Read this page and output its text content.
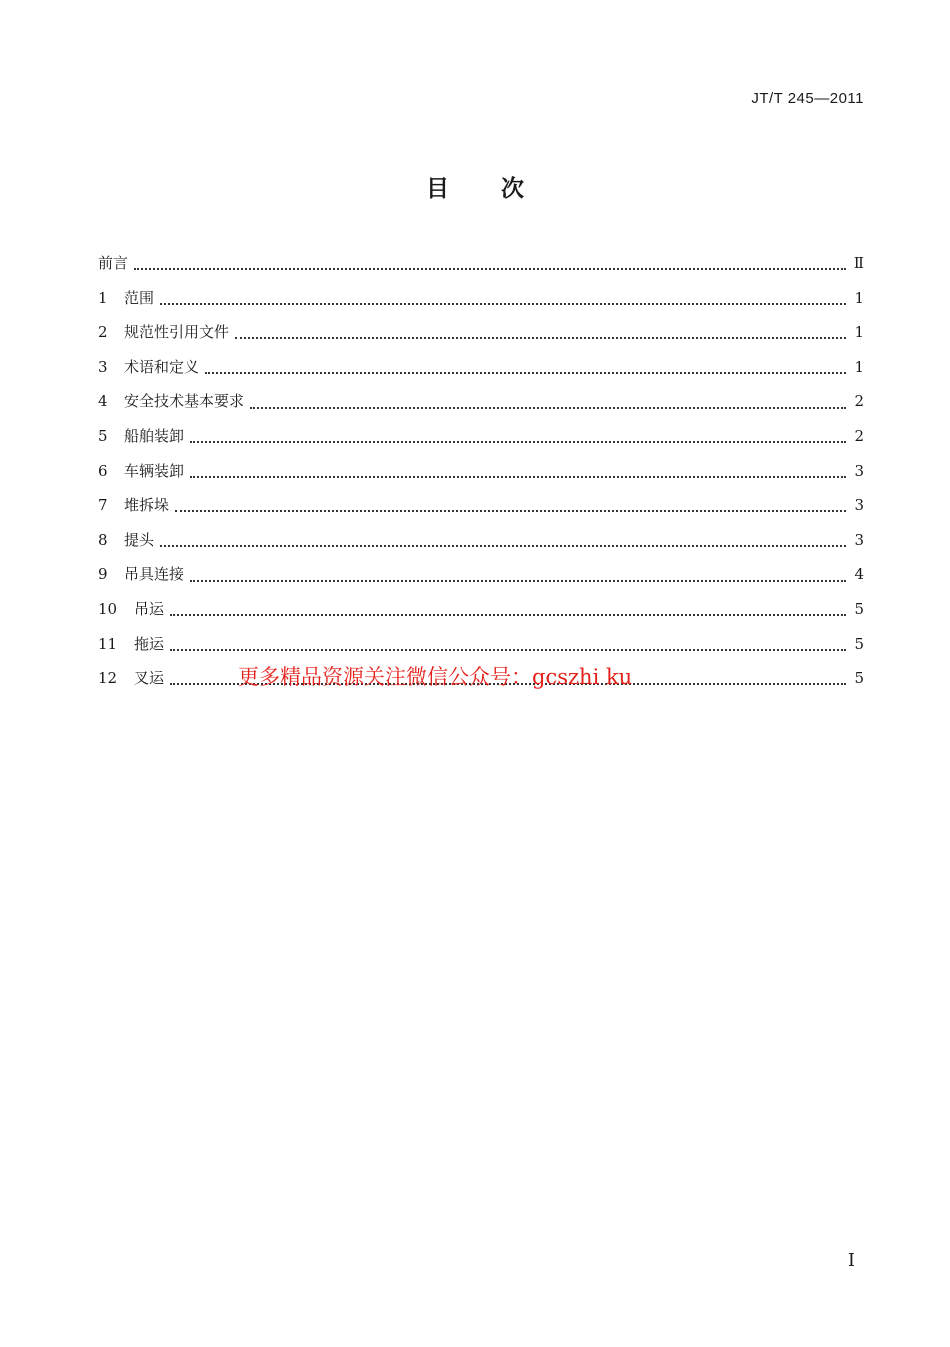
JT/T 245—2011
目 次
前言	Ⅱ
1	范围	1
2	规范性引用文件	1
3	术语和定义	1
4	安全技术基本要求	2
5	船舶装卸	2
6	车辆装卸	3
7	堆拆垛	3
8	提头	3
9	吊具连接	4
10	吊运	5
11	拖运	5
12	叉运	5
更多精品资源关注微信公众号：gcszhi ku
I
